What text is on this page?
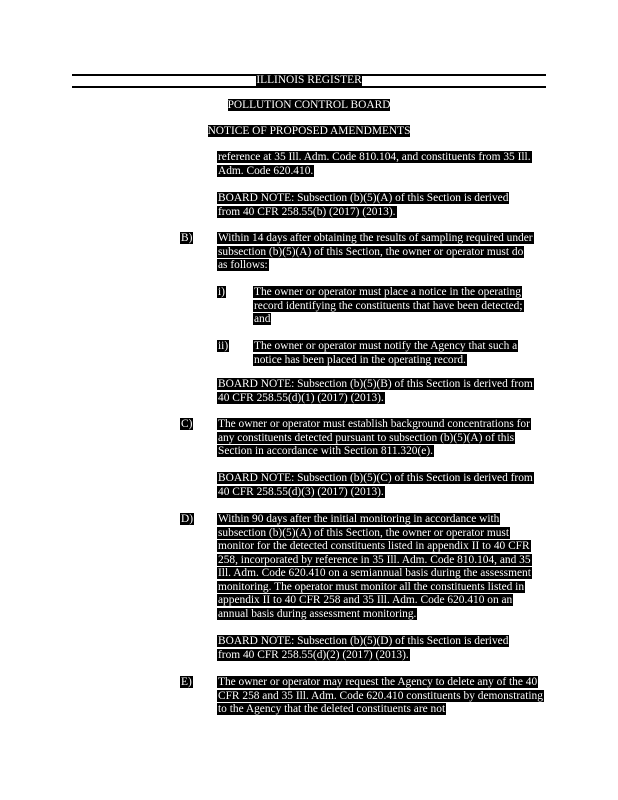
ILLINOIS REGISTER
POLLUTION CONTROL BOARD
NOTICE OF PROPOSED AMENDMENTS
reference at 35 Ill. Adm. Code 810.104, and constituents from 35 Ill. Adm. Code 620.410.
BOARD NOTE: Subsection (b)(5)(A) of this Section is derived from 40 CFR 258.55(b) (2017) (2013).
B) Within 14 days after obtaining the results of sampling required under subsection (b)(5)(A) of this Section, the owner or operator must do as follows:
i)	The owner or operator must place a notice in the operating record identifying the constituents that have been detected; and
ii) The owner or operator must notify the Agency that such a notice has been placed in the operating record.
BOARD NOTE: Subsection (b)(5)(B) of this Section is derived from 40 CFR 258.55(d)(1) (2017) (2013).
C) The owner or operator must establish background concentrations for any constituents detected pursuant to subsection (b)(5)(A) of this Section in accordance with Section 811.320(e).
BOARD NOTE: Subsection (b)(5)(C) of this Section is derived from 40 CFR 258.55(d)(3) (2017) (2013).
D) Within 90 days after the initial monitoring in accordance with subsection (b)(5)(A) of this Section, the owner or operator must monitor for the detected constituents listed in appendix II to 40 CFR 258, incorporated by reference in 35 Ill. Adm. Code 810.104, and 35 Ill. Adm. Code 620.410 on a semiannual basis during the assessment monitoring. The operator must monitor all the constituents listed in appendix II to 40 CFR 258 and 35 Ill. Adm. Code 620.410 on an annual basis during assessment monitoring.
BOARD NOTE: Subsection (b)(5)(D) of this Section is derived from 40 CFR 258.55(d)(2) (2017) (2013).
E) The owner or operator may request the Agency to delete any of the 40 CFR 258 and 35 Ill. Adm. Code 620.410 constituents by demonstrating to the Agency that the deleted constituents are not
